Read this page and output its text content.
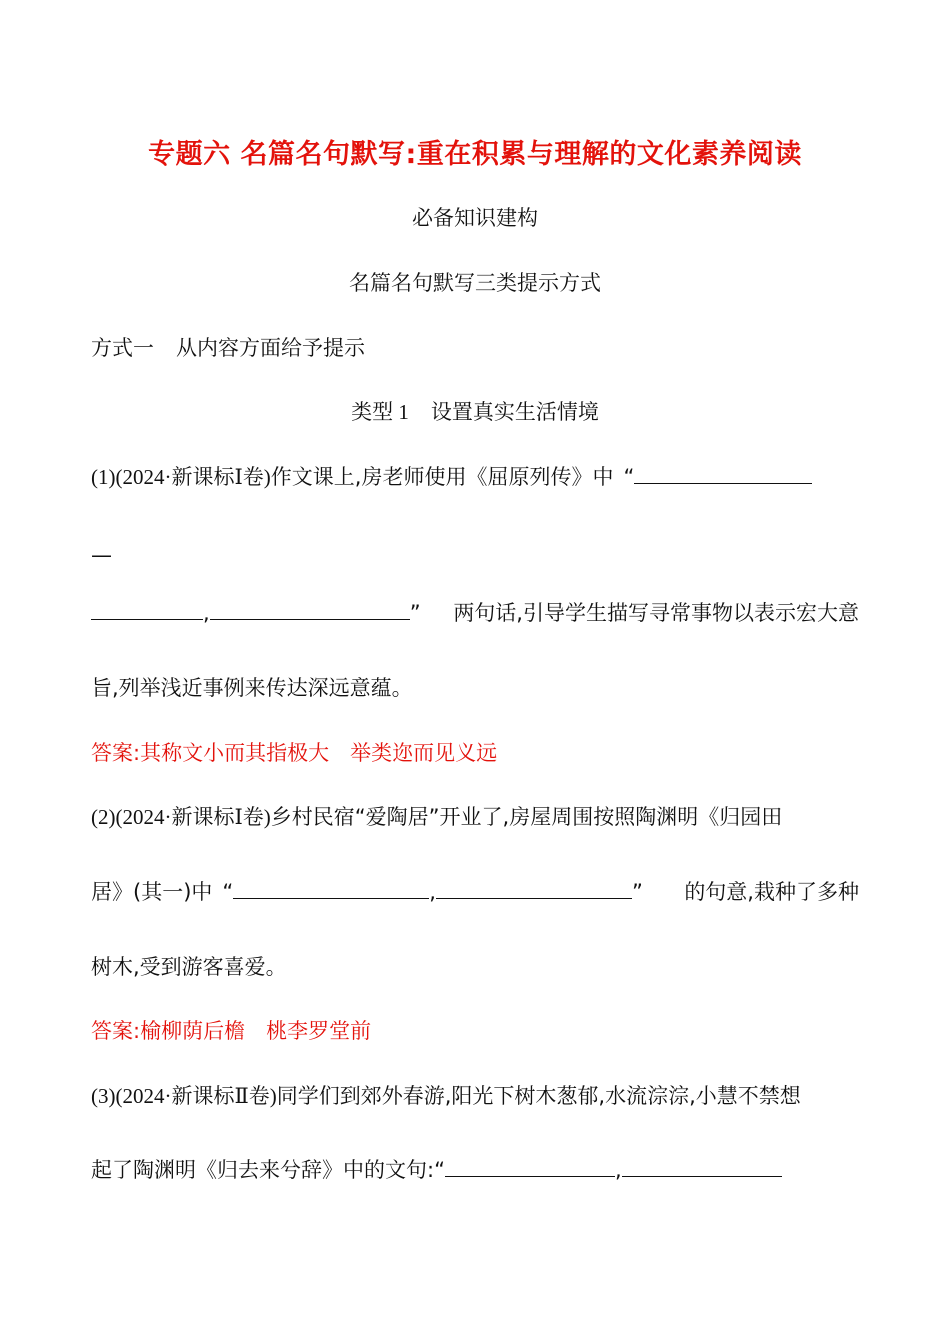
专题六 名篇名句默写:重在积累与理解的文化素养阅读
必备知识建构
名篇名句默写三类提示方式
方式一 从内容方面给予提示
类型 1 设置真实生活情境
(1)(2024·新课标Ⅰ卷)作文课上,房老师使用《屈原列传》中 “
—
,	” 两句话,引导学生描写寻常事物以表示宏大意
旨,列举浅近事例来传达深远意蕴。
答案:其称文小而其指极大　举类迩而见义远
(2)(2024·新课标Ⅰ卷)乡村民宿“爱陶居”开业了,房屋周围按照陶渊明《归园田
居》(其一)中 “	,	” 的句意,栽种了多种
树木,受到游客喜爱。
答案:榆柳荫后檐　桃李罗堂前
(3)(2024·新课标Ⅱ卷)同学们到郊外春游,阳光下树木葱郁,水流淙淙,小慧不禁想
起了陶渊明《归去来兮辞》中的文句:“	,
